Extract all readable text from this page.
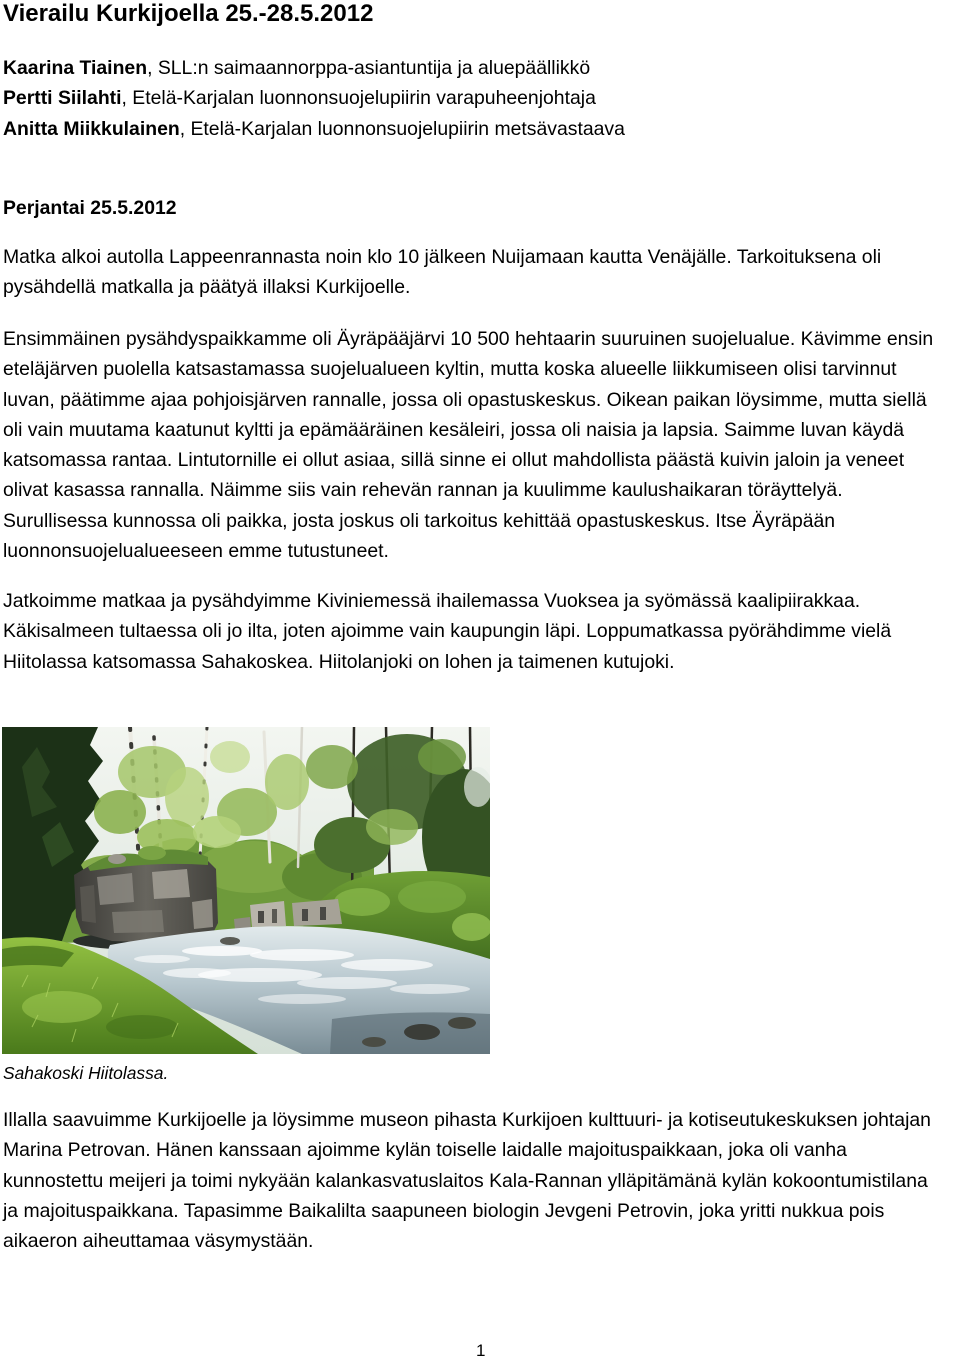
Vierailu Kurkijoella 25.-28.5.2012
Kaarina Tiainen, SLL:n saimaannorppa-asiantuntija ja aluepäällikkö
Pertti Siilahti, Etelä-Karjalan luonnonsuojelupiirin varapuheenjohtaja
Anitta Miikkulainen, Etelä-Karjalan luonnonsuojelupiirin metsävastaava
Perjantai 25.5.2012
Matka alkoi autolla Lappeenrannasta noin klo 10 jälkeen Nuijamaan kautta Venäjälle. Tarkoituksena oli
pysähdellä matkalla ja päätyä illaksi Kurkijoelle.
Ensimmäinen pysähdyspaikkamme oli Äyräpääjärvi 10 500 hehtaarin suuruinen suojelualue. Kävimme ensin
eteläjärven puolella katsastamassa suojelualueen kyltin, mutta koska alueelle liikkumiseen olisi tarvinnut
luvan, päätimme ajaa pohjoisjärven rannalle, jossa oli opastuskeskus. Oikean paikan löysimme, mutta siellä
oli vain muutama kaatunut kyltti ja epämääräinen kesäleiri, jossa oli naisia ja lapsia. Saimme luvan käydä
katsomassa rantaa. Lintutornille ei ollut asiaa, sillä sinne ei ollut mahdollista päästä kuivin jaloin ja veneet
olivat kasassa rannalla. Näimme siis vain rehevän rannan ja kuulimme kaulushaikaran töräyttelyä.
Surullisessa kunnossa oli paikka, josta joskus oli tarkoitus kehittää opastuskeskus. Itse Äyräpään
luonnonsuojelualueeseen emme tutustuneet.
Jatkoimme matkaa ja pysähdyimme Kiviniemessä ihailemassa Vuoksea ja syömässä kaalipiirakkaa.
Käkisalmeen tultaessa oli jo ilta, joten ajoimme vain kaupungin läpi. Loppumatkassa pyörähdimme vielä
Hiitolassa katsomassa Sahakoskea. Hiitolanjoki on lohen ja taimenen kutujoki.
Sahakoski Hiitolassa.
Illalla saavuimme Kurkijoelle ja löysimme museon pihasta Kurkijoen kulttuuri- ja kotiseutukeskuksen johtajan
Marina Petrovan. Hänen kanssaan ajoimme kylän toiselle laidalle majoituspaikkaan, joka oli vanha
kunnostettu meijeri ja toimi nykyään kalankasvatuslaitos Kala-Rannan ylläpitämänä kylän kokoontumistilana
ja majoituspaikkana. Tapasimme Baikalilta saapuneen biologin Jevgeni Petrovin, joka yritti nukkua pois
aikaeron aiheuttamaa väsymystään.
1
